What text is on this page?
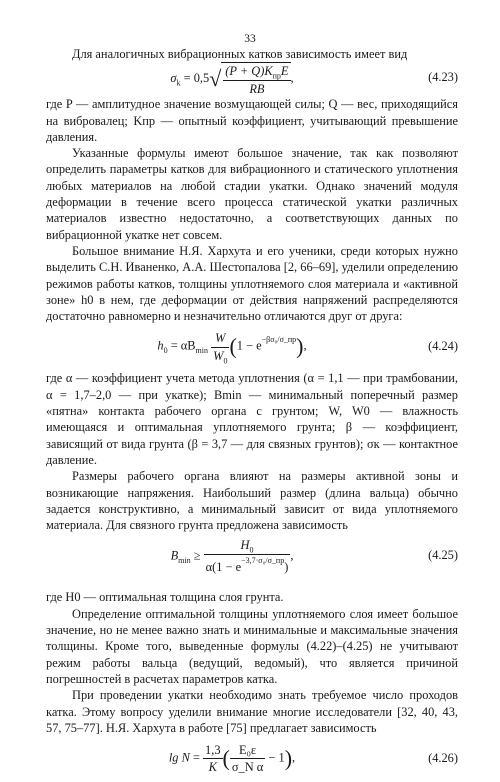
33

Для аналогичных вибрационных катков зависимость имеет вид

$\sigma_k = 0,5√ \frac{(P + Q)K_{пр}E}{RB}$ ,	(4.23)

где P — амплитудное значение возмущающей силы; Q — вес, приходящийся на вибровалец; Kпр — опытный коэффициент, учитывающий превышение давления.

Указанные формулы имеют большое значение, так как позволяют определить параметры катков для вибрационного и статического уплотнения любых материалов на любой стадии укатки. Однако значений модуля деформации в течение всего процесса статической укатки различных материалов известно недостаточно, а соответствующих данных по вибрационной укатке нет совсем.

Большое внимание Н.Я. Хархута и его ученики, среди которых нужно выделить С.Н. Иваненко, А.А. Шестопалова [2, 66–69], уделили определению режимов работы катков, толщины уплотняемого слоя материала и «активной зоне» h0 в нем, где деформации от действия напряжений распределяются достаточно равномерно и незначительно отличаются друг от друга:

$h_0 = \alpha B_{min} \frac{W}{W_0} (1 - e^{-\beta\sigma_0/\sigma\_пр})$,	(4.24)

где α — коэффициент учета метода уплотнения (α = 1,1 — при трамбовании, α = 1,7–2,0 — при укатке); Bmin — минимальный поперечный размер «пятна» контакта рабочего органа с грунтом; W, W0 — влажность имеющаяся и оптимальная уплотняемого грунта; β — коэффициент, зависящий от вида грунта (β = 3,7 — для связных грунтов); σк — контактное давление.

Размеры рабочего органа влияют на размеры активной зоны и возникающие напряжения. Наибольший размер (длина вальца) обычно задается конструктивно, а минимальный зависит от вида уплотняемого материала. Для связного грунта предложена зависимость

$B_{min} \ge \frac{H_0}{\alpha(1 - e^{-3,7\cdot\sigma_0/\sigma\_пр})}$ ,	(4.25)

где H0 — оптимальная толщина слоя грунта.

Определение оптимальной толщины уплотняемого слоя имеет большое значение, но не менее важно знать и минимальные и максимальные значения толщины. Кроме того, выведенные формулы (4.22)–(4.25) не учитывают режим работы вальца (ведущий, ведомый), что является причиной погрешностей в расчетах параметров катка.

При проведении укатки необходимо знать требуемое число проходов катка. Этому вопросу уделили внимание многие исследователи [32, 40, 43, 57, 75–77]. Н.Я. Хархута в работе [75] предлагает зависимость

$\lg N = \frac{1,3}{K}$ ( $\frac{\text{E₀ε}}{\text{σ\_N α}} - 1$),	(4.26)
